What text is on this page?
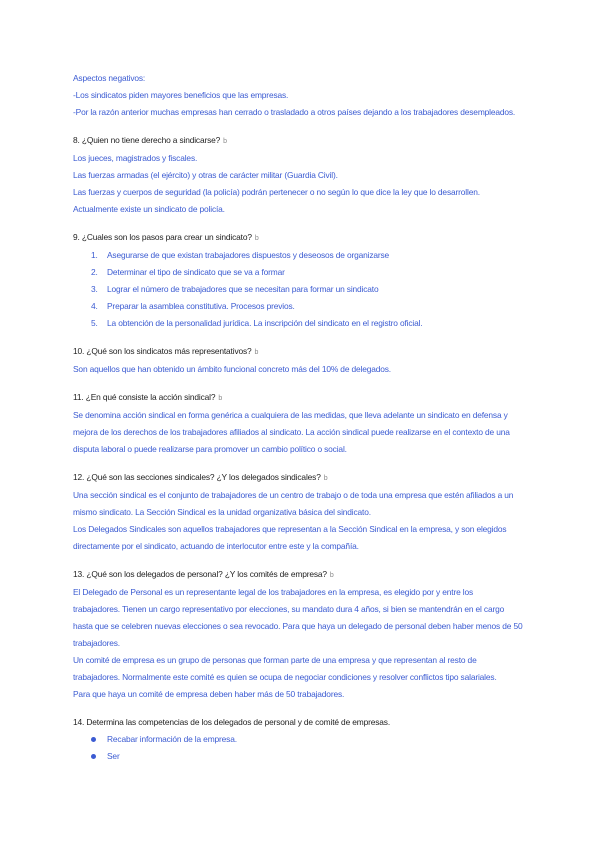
Aspectos negativos:

-Los sindicatos piden mayores beneficios que las empresas.

-Por la razón anterior muchas empresas han cerrado o trasladado a otros países dejando a los trabajadores desempleados.

8. ¿Quien no tiene derecho a sindicarse? b

Los jueces, magistrados y fiscales.

Las fuerzas armadas (el ejército) y otras de carácter militar (Guardia Civil).

Las fuerzas y cuerpos de seguridad (la policía) podrán pertenecer o no según lo que dice la ley que lo desarrollen.

Actualmente existe un sindicato de policía.

9. ¿Cuales son los pasos para crear un sindicato? b

1. Asegurarse de que existan trabajadores dispuestos y deseosos de organizarse
2. Determinar el tipo de sindicato que se va a formar
3. Lograr el número de trabajadores que se necesitan para formar un sindicato
4. Preparar la asamblea constitutiva. Procesos previos.
5. La obtención de la personalidad jurídica. La inscripción del sindicato en el registro oficial.

10. ¿Qué son los sindicatos más representativos? b

Son aquellos que han obtenido un ámbito funcional concreto más del 10% de delegados.

11. ¿En qué consiste la acción sindical? b

Se denomina acción sindical en forma genérica a cualquiera de las medidas, que lleva adelante un sindicato en defensa y

mejora de los derechos de los trabajadores afiliados al sindicato. La acción sindical puede realizarse en el contexto de una

disputa laboral o puede realizarse para promover un cambio político o social.

12. ¿Qué son las secciones sindicales? ¿Y los delegados sindicales? b

Una sección sindical es el conjunto de trabajadores de un centro de trabajo o de toda una empresa que estén afiliados a un

mismo sindicato. La Sección Sindical es la unidad organizativa básica del sindicato.

Los Delegados Sindicales son aquellos trabajadores que representan a la Sección Sindical en la empresa, y son elegidos

directamente por el sindicato, actuando de interlocutor entre este y la compañía.

13. ¿Qué son los delegados de personal? ¿Y los comités de empresa? b

El Delegado de Personal es un representante legal de los trabajadores en la empresa, es elegido por y entre los

trabajadores. Tienen un cargo representativo por elecciones, su mandato dura 4 años, si bien se mantendrán en el cargo

hasta que se celebren nuevas elecciones o sea revocado. Para que haya un delegado de personal deben haber menos de 50

trabajadores.

Un comité de empresa es un grupo de personas que forman parte de una empresa y que representan al resto de

trabajadores. Normalmente este comité es quien se ocupa de negociar condiciones y resolver conflictos tipo salariales.

Para que haya un comité de empresa deben haber más de 50 trabajadores.

14. Determina las competencias de los delegados de personal y de comité de empresas.

Recabar información de la empresa.
Ser
